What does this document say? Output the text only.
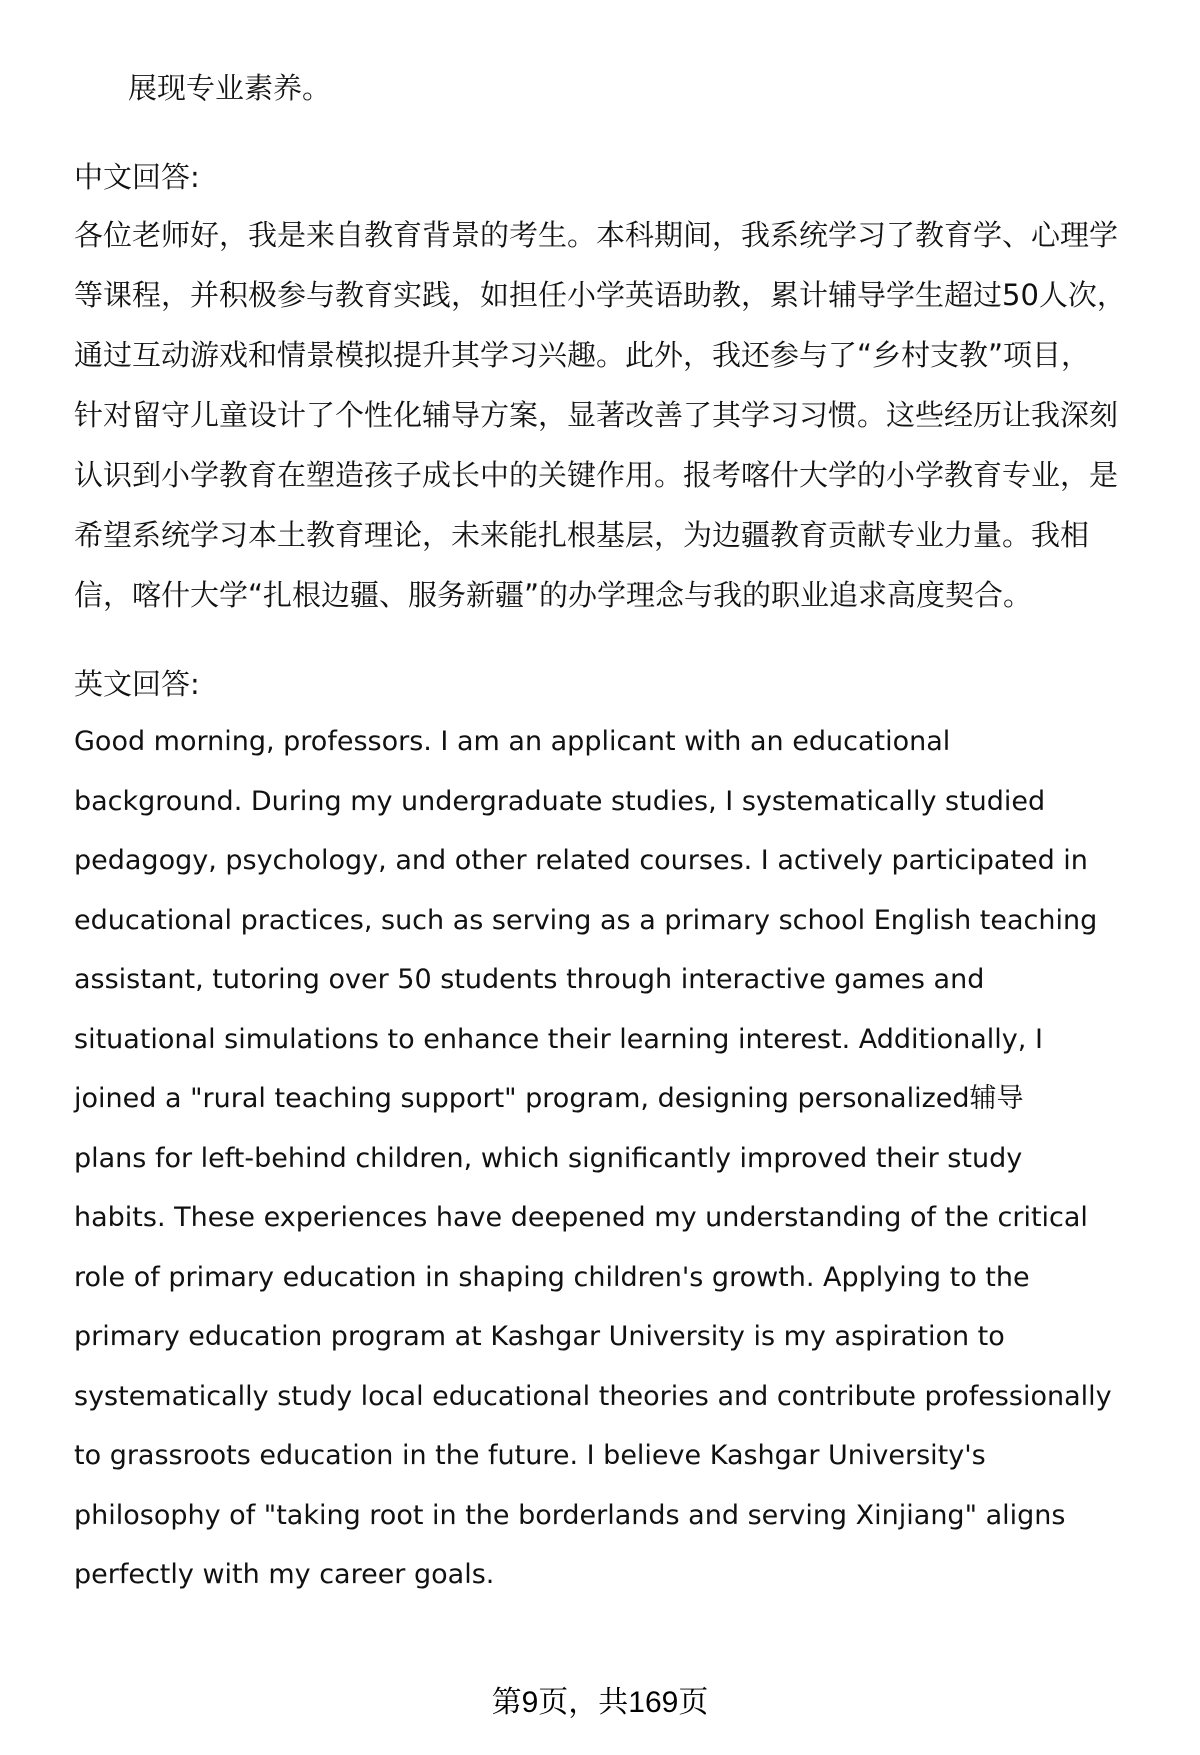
展现专业素养。
中文回答:
各位老师好，我是来自教育背景的考生。本科期间，我系统学习了教育学、心理学
等课程，并积极参与教育实践，如担任小学英语助教，累计辅导学生超过50人次，
通过互动游戏和情景模拟提升其学习兴趣。此外，我还参与了“乡村支教”项目，
针对留守儿童设计了个性化辅导方案，显著改善了其学习习惯。这些经历让我深刻
认识到小学教育在塑造孩子成长中的关键作用。报考喀什大学的小学教育专业，是
希望系统学习本土教育理论，未来能扎根基层，为边疆教育贡献专业力量。我相
信，喀什大学“扎根边疆、服务新疆”的办学理念与我的职业追求高度契合。
英文回答:
Good morning, professors. I am an applicant with an educational
background. During my undergraduate studies, I systematically studied
pedagogy, psychology, and other related courses. I actively participated in
educational practices, such as serving as a primary school English teaching
assistant, tutoring over 50 students through interactive games and
situational simulations to enhance their learning interest. Additionally, I
joined a "rural teaching support" program, designing personalized辅导
plans for left-behind children, which significantly improved their study
habits. These experiences have deepened my understanding of the critical
role of primary education in shaping children's growth. Applying to the
primary education program at Kashgar University is my aspiration to
systematically study local educational theories and contribute professionally
to grassroots education in the future. I believe Kashgar University's
philosophy of "taking root in the borderlands and serving Xinjiang" aligns
perfectly with my career goals.
第9页，共169页
